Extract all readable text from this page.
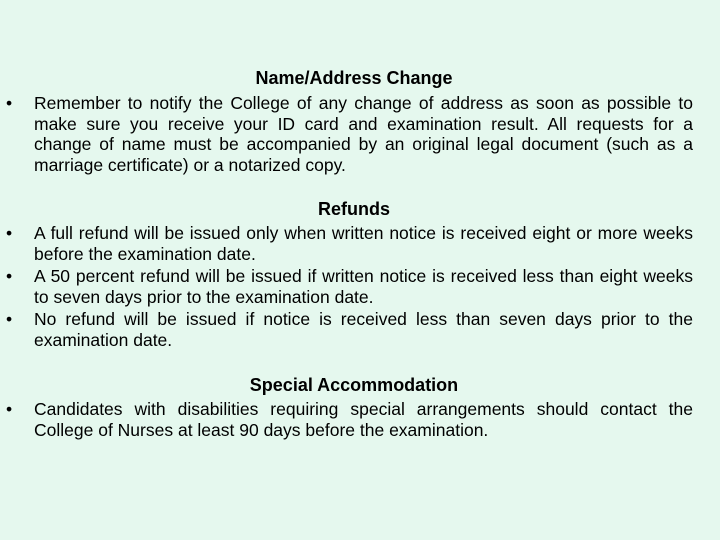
Name/Address Change
• Remember to notify the College of any change of address as soon as possible to make sure you receive your ID card and examination result. All requests for a change of name must be accompanied by an original legal document (such as a marriage certificate) or a notarized copy.
Refunds
• A full refund will be issued only when written notice is received eight or more weeks before the examination date.
• A 50 percent refund will be issued if written notice is received less than eight weeks to seven days prior to the examination date.
• No refund will be issued if notice is received less than seven days prior to the examination date.
Special Accommodation
• Candidates with disabilities requiring special arrangements should contact the College of Nurses at least 90 days before the examination.
